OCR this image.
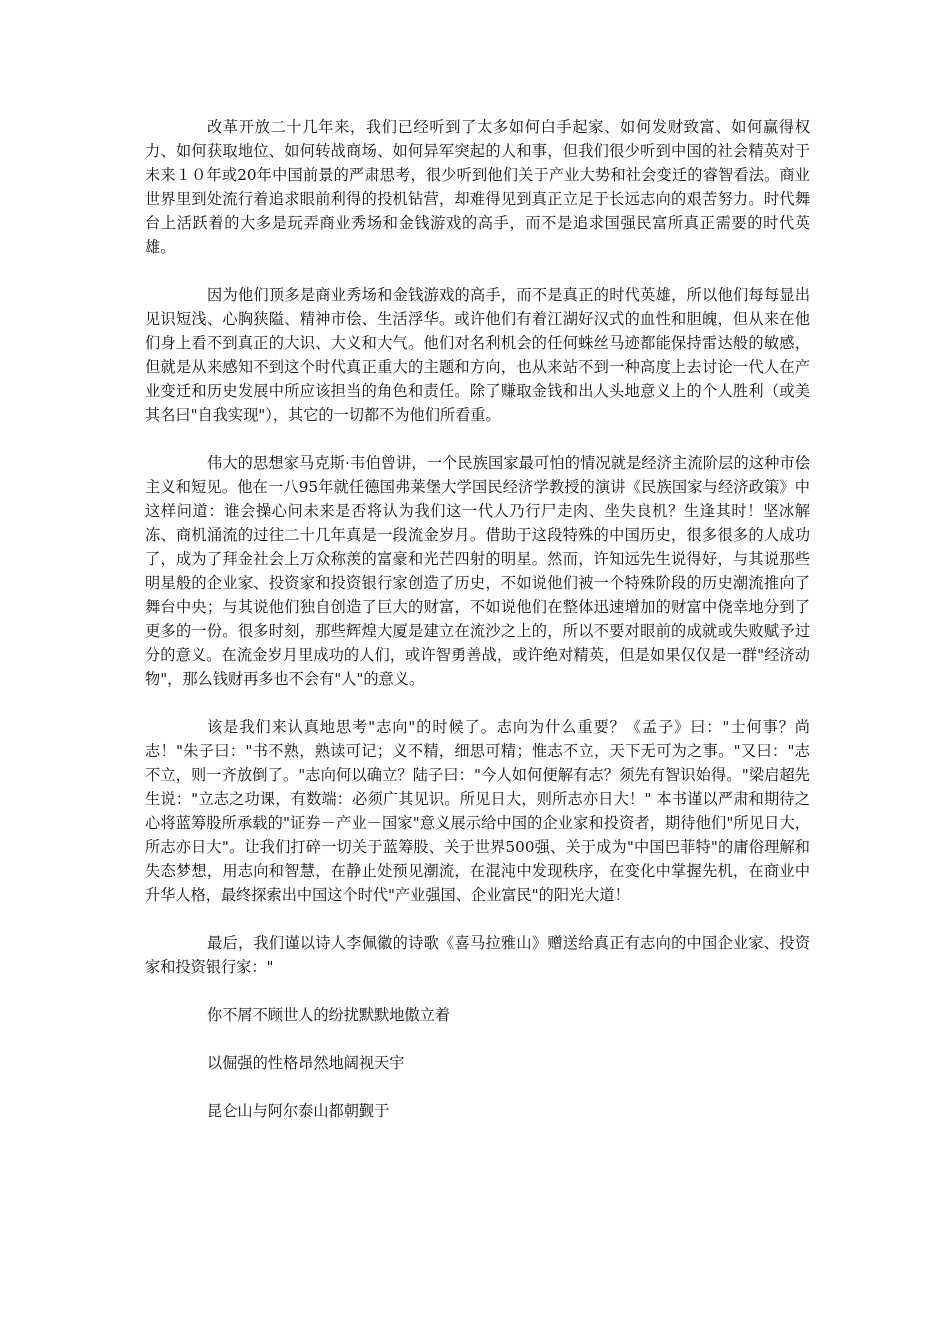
改革开放二十几年来，我们已经听到了太多如何白手起家、如何发财致富、如何赢得权力、如何获取地位、如何转战商场、如何异军突起的人和事，但我们很少听到中国的社会精英对于未来１０年或20年中国前景的严肃思考，很少听到他们关于产业大势和社会变迁的睿智看法。商业世界里到处流行着追求眼前利得的投机钻营，却难得见到真正立足于长远志向的艰苦努力。时代舞台上活跃着的大多是玩弄商业秀场和金钱游戏的高手，而不是追求国强民富所真正需要的时代英雄。

因为他们顶多是商业秀场和金钱游戏的高手，而不是真正的时代英雄，所以他们每每显出见识短浅、心胸狭隘、精神市侩、生活浮华。或许他们有着江湖好汉式的血性和胆魄，但从来在他们身上看不到真正的大识、大义和大气。他们对名利机会的任何蛛丝马迹都能保持雷达般的敏感，但就是从来感知不到这个时代真正重大的主题和方向，也从来站不到一种高度上去讨论一代人在产业变迁和历史发展中所应该担当的角色和责任。除了赚取金钱和出人头地意义上的个人胜利（或美其名曰"自我实现"），其它的一切都不为他们所看重。

伟大的思想家马克斯·韦伯曾讲，一个民族国家最可怕的情况就是经济主流阶层的这种市侩主义和短见。他在一八95年就任德国弗莱堡大学国民经济学教授的演讲《民族国家与经济政策》中这样问道：谁会操心问未来是否将认为我们这一代人乃行尸走肉、坐失良机？生逢其时！坚冰解冻、商机涌流的过往二十几年真是一段流金岁月。借助于这段特殊的中国历史，很多很多的人成功了，成为了拜金社会上万众称羡的富豪和光芒四射的明星。然而，许知远先生说得好，与其说那些明星般的企业家、投资家和投资银行家创造了历史，不如说他们被一个特殊阶段的历史潮流推向了舞台中央；与其说他们独自创造了巨大的财富，不如说他们在整体迅速增加的财富中侥幸地分到了更多的一份。很多时刻，那些辉煌大厦是建立在流沙之上的，所以不要对眼前的成就或失败赋予过分的意义。在流金岁月里成功的人们，或许智勇善战，或许绝对精英，但是如果仅仅是一群"经济动物"，那么钱财再多也不会有"人"的意义。

该是我们来认真地思考"志向"的时候了。志向为什么重要？《孟子》曰："士何事？尚志！"朱子曰："书不熟，熟读可记；义不精，细思可精；惟志不立，天下无可为之事。"又曰："志不立，则一齐放倒了。"志向何以确立？陆子曰："今人如何便解有志？须先有智识始得。"梁启超先生说："立志之功课，有数端：必须广其见识。所见日大，则所志亦日大！" 本书谨以严肃和期待之心将蓝筹股所承载的"证券－产业－国家"意义展示给中国的企业家和投资者，期待他们"所见日大，所志亦日大"。让我们打碎一切关于蓝筹股、关于世界500强、关于成为"中国巴菲特"的庸俗理解和失态梦想，用志向和智慧，在静止处预见潮流，在混沌中发现秩序，在变化中掌握先机，在商业中升华人格，最终探索出中国这个时代"产业强国、企业富民"的阳光大道！

最后，我们谨以诗人李佩徽的诗歌《喜马拉雅山》赠送给真正有志向的中国企业家、投资家和投资银行家："

你不屑不顾世人的纷扰默默地傲立着

以倔强的性格昂然地阔视天宇

昆仑山与阿尔泰山都朝觐于
